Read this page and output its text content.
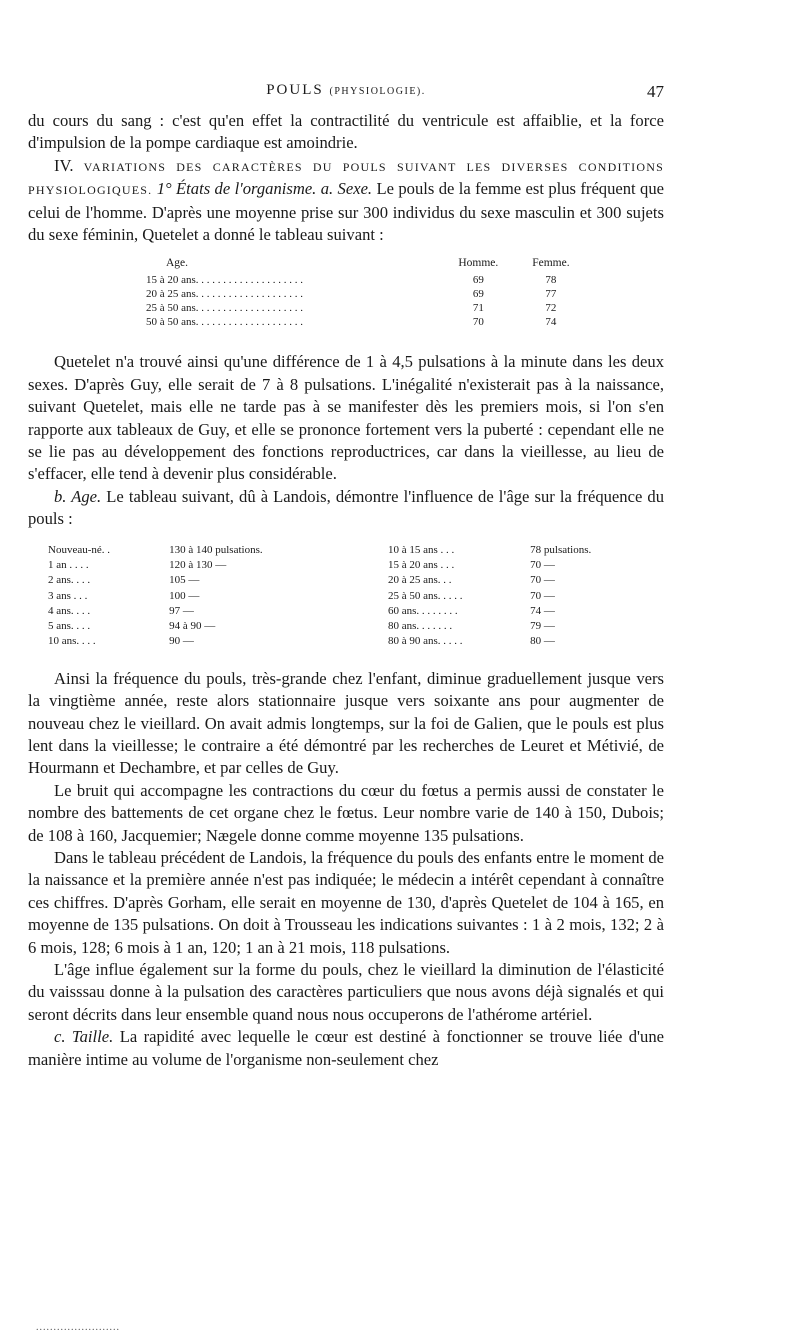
POULS (PHYSIOLOGIE).	47

du cours du sang : c'est qu'en effet la contractilité du ventricule est affaiblie, et la force d'impulsion de la pompe cardiaque est amoindrie.

IV. VARIATIONS DES CARACTÈRES DU POULS SUIVANT LES DIVERSES CONDITIONS PHYSIOLOGIQUES. 1° États de l'organisme. a. Sexe. Le pouls de la femme est plus fréquent que celui de l'homme. D'après une moyenne prise sur 300 individus du sexe masculin et 300 sujets du sexe féminin, Quetelet a donné le tableau suivant :

Age.	Homme.	Femme.
15 à 20 ans. . . . . . . . . . . . . . . . . . . .	69	78
20 à 25 ans. . . . . . . . . . . . . . . . . . . .	69	77
25 à 50 ans. . . . . . . . . . . . . . . . . . . .	71	72
50 à 50 ans. . . . . . . . . . . . . . . . . . . .	70	74

Quetelet n'a trouvé ainsi qu'une différence de 1 à 4,5 pulsations à la minute dans les deux sexes. D'après Guy, elle serait de 7 à 8 pulsations. L'inégalité n'existerait pas à la naissance, suivant Quetelet, mais elle ne tarde pas à se manifester dès les premiers mois, si l'on s'en rapporte aux tableaux de Guy, et elle se prononce fortement vers la puberté : cependant elle ne se lie pas au développement des fonctions reproductrices, car dans la vieillesse, au lieu de s'effacer, elle tend à devenir plus considérable.

b. Age. Le tableau suivant, dû à Landois, démontre l'influence de l'âge sur la fréquence du pouls :

Nouveau-né. .	130 à 140 pulsations.
1 an . . . .	120 à 130 —
2 ans. . . .	105 —
3 ans . . .	100 —
4 ans. . . .	97 —
5 ans. . . .	94 à 90 —
10 ans. . . .	90 —
10 à 15 ans . . .	78 pulsations.
15 à 20 ans . . .	70 —
20 à 25 ans. . .	70 —
25 à 50 ans. . . . .	70 —
60 ans. . . . . . . .	74 —
80 ans. . . . . . .	79 —
80 à 90 ans. . . . .	80 —

Ainsi la fréquence du pouls, très-grande chez l'enfant, diminue graduellement jusque vers la vingtième année, reste alors stationnaire jusque vers soixante ans pour augmenter de nouveau chez le vieillard. On avait admis longtemps, sur la foi de Galien, que le pouls est plus lent dans la vieillesse; le contraire a été démontré par les recherches de Leuret et Métivié, de Hourmann et Dechambre, et par celles de Guy.

Le bruit qui accompagne les contractions du cœur du fœtus a permis aussi de constater le nombre des battements de cet organe chez le fœtus. Leur nombre varie de 140 à 150, Dubois; de 108 à 160, Jacquemier; Nægele donne comme moyenne 135 pulsations.

Dans le tableau précédent de Landois, la fréquence du pouls des enfants entre le moment de la naissance et la première année n'est pas indiquée; le médecin a intérêt cependant à connaître ces chiffres. D'après Gorham, elle serait en moyenne de 130, d'après Quetelet de 104 à 165, en moyenne de 135 pulsations. On doit à Trousseau les indications suivantes : 1 à 2 mois, 132; 2 à 6 mois, 128; 6 mois à 1 an, 120; 1 an à 21 mois, 118 pulsations.

L'âge influe également sur la forme du pouls, chez le vieillard la diminution de l'élasticité du vaisssau donne à la pulsation des caractères particuliers que nous avons déjà signalés et qui seront décrits dans leur ensemble quand nous nous occuperons de l'athérome artériel.

c. Taille. La rapidité avec lequelle le cœur est destiné à fonctionner se trouve liée d'une manière intime au volume de l'organisme non-seulement chez

........................
